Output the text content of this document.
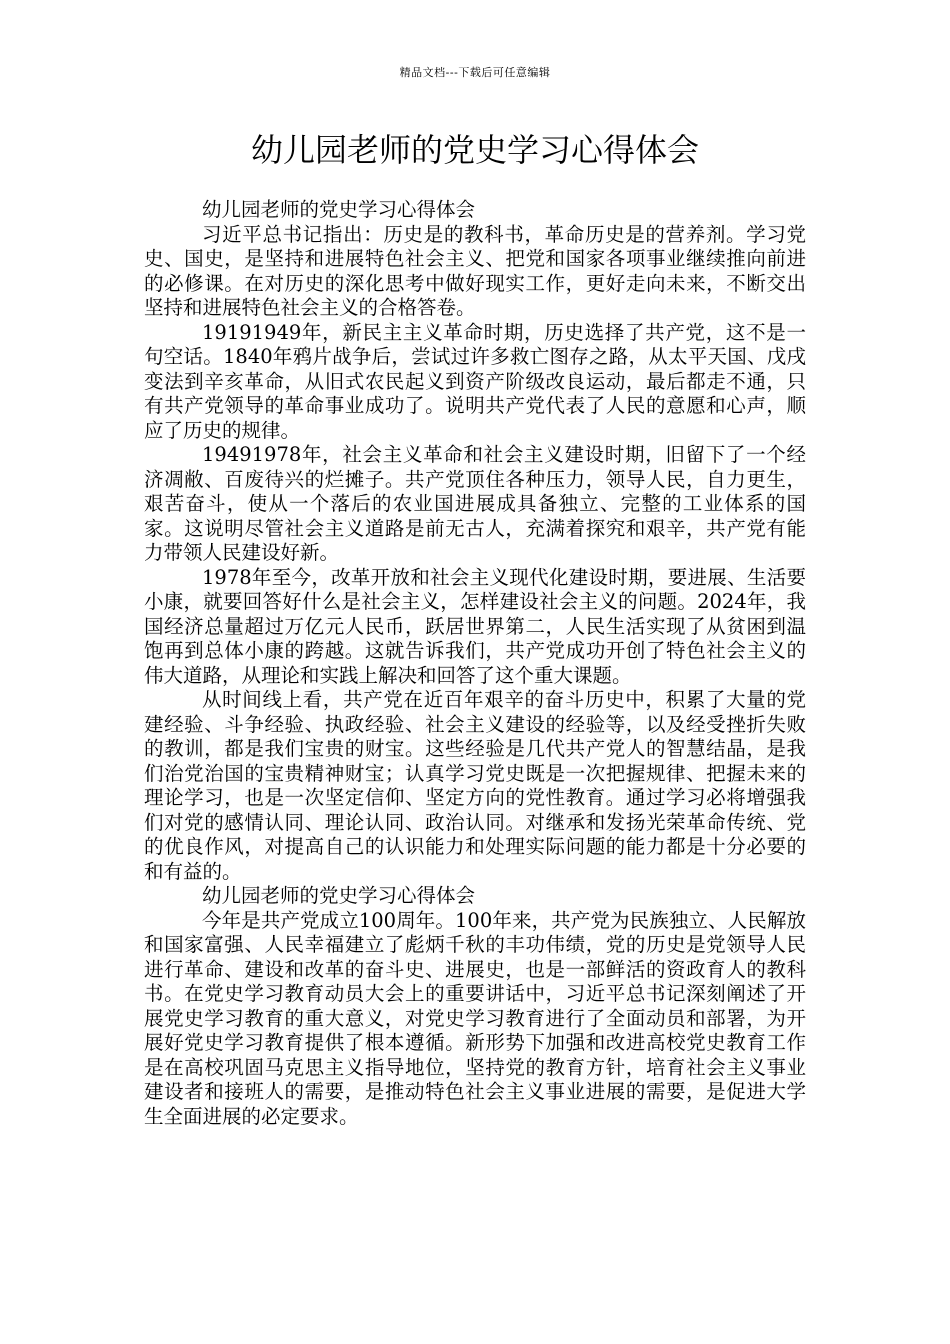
精品文档---下载后可任意编辑
幼儿园老师的党史学习心得体会

幼儿园老师的党史学习心得体会

习近平总书记指出：历史是的教科书，革命历史是的营养剂。学习党史、国史，是坚持和进展特色社会主义、把党和国家各项事业继续推向前进的必修课。在对历史的深化思考中做好现实工作，更好走向未来，不断交出坚持和进展特色社会主义的合格答卷。

19191949年，新民主主义革命时期，历史选择了共产党，这不是一句空话。1840年鸦片战争后，尝试过许多救亡图存之路，从太平天国、戊戌变法到辛亥革命，从旧式农民起义到资产阶级改良运动，最后都走不通，只有共产党领导的革命事业成功了。说明共产党代表了人民的意愿和心声，顺应了历史的规律。

19491978年，社会主义革命和社会主义建设时期，旧留下了一个经济凋敝、百废待兴的烂摊子。共产党顶住各种压力，领导人民，自力更生，艰苦奋斗，使从一个落后的农业国进展成具备独立、完整的工业体系的国家。这说明尽管社会主义道路是前无古人，充满着探究和艰辛，共产党有能力带领人民建设好新。

1978年至今，改革开放和社会主义现代化建设时期，要进展、生活要小康，就要回答好什么是社会主义，怎样建设社会主义的问题。2024年，我国经济总量超过万亿元人民币，跃居世界第二，人民生活实现了从贫困到温饱再到总体小康的跨越。这就告诉我们，共产党成功开创了特色社会主义的伟大道路，从理论和实践上解决和回答了这个重大课题。

从时间线上看，共产党在近百年艰辛的奋斗历史中，积累了大量的党建经验、斗争经验、执政经验、社会主义建设的经验等，以及经受挫折失败的教训，都是我们宝贵的财宝。这些经验是几代共产党人的智慧结晶，是我们治党治国的宝贵精神财宝；认真学习党史既是一次把握规律、把握未来的理论学习，也是一次坚定信仰、坚定方向的党性教育。通过学习必将增强我们对党的感情认同、理论认同、政治认同。对继承和发扬光荣革命传统、党的优良作风，对提高自己的认识能力和处理实际问题的能力都是十分必要的和有益的。

幼儿园老师的党史学习心得体会

今年是共产党成立100周年。100年来，共产党为民族独立、人民解放和国家富强、人民幸福建立了彪炳千秋的丰功伟绩，党的历史是党领导人民进行革命、建设和改革的奋斗史、进展史，也是一部鲜活的资政育人的教科书。在党史学习教育动员大会上的重要讲话中，习近平总书记深刻阐述了开展党史学习教育的重大意义，对党史学习教育进行了全面动员和部署，为开展好党史学习教育提供了根本遵循。新形势下加强和改进高校党史教育工作是在高校巩固马克思主义指导地位，坚持党的教育方针，培育社会主义事业建设者和接班人的需要，是推动特色社会主义事业进展的需要，是促进大学生全面进展的必定要求。
